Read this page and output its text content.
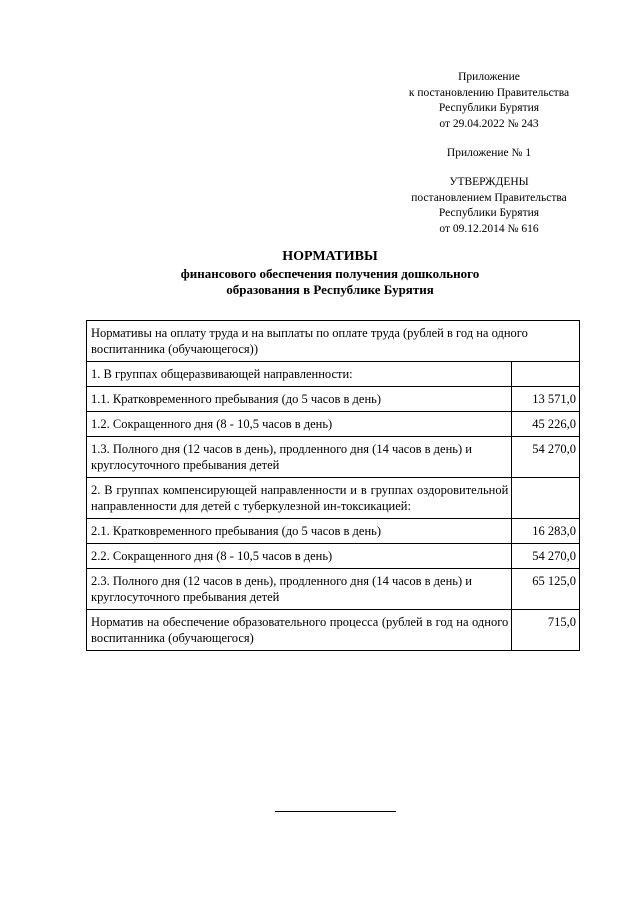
Приложение
к постановлению Правительства
Республики Бурятия
от 29.04.2022 № 243
Приложение № 1
УТВЕРЖДЕНЫ
постановлением Правительства
Республики Бурятия
от 09.12.2014 № 616
НОРМАТИВЫ
финансового обеспечения получения дошкольного
образования в Республике Бурятия
Нормативы на оплату труда и на выплаты по оплате труда (рублей в год на одного воспитанника (обучающегося))	
1. В группах общеразвивающей направленности:	
1.1. Кратковременного пребывания (до 5 часов в день)	13 571,0
1.2. Сокращенного дня (8 - 10,5 часов в день)	45 226,0
1.3. Полного дня (12 часов в день), продленного дня (14 часов в день) и круглосуточного пребывания детей	54 270,0
2. В группах компенсирующей направленности и в группах оздоровительной направленности для детей с туберкулезной ин-токсикацией:	
2.1. Кратковременного пребывания (до 5 часов в день)	16 283,0
2.2. Сокращенного дня (8 - 10,5 часов в день)	54 270,0
2.3. Полного дня (12 часов в день), продленного дня (14 часов в день) и круглосуточного пребывания детей	65 125,0
Норматив на обеспечение образовательного процесса (рублей в год на одного воспитанника (обучающегося)	715,0
